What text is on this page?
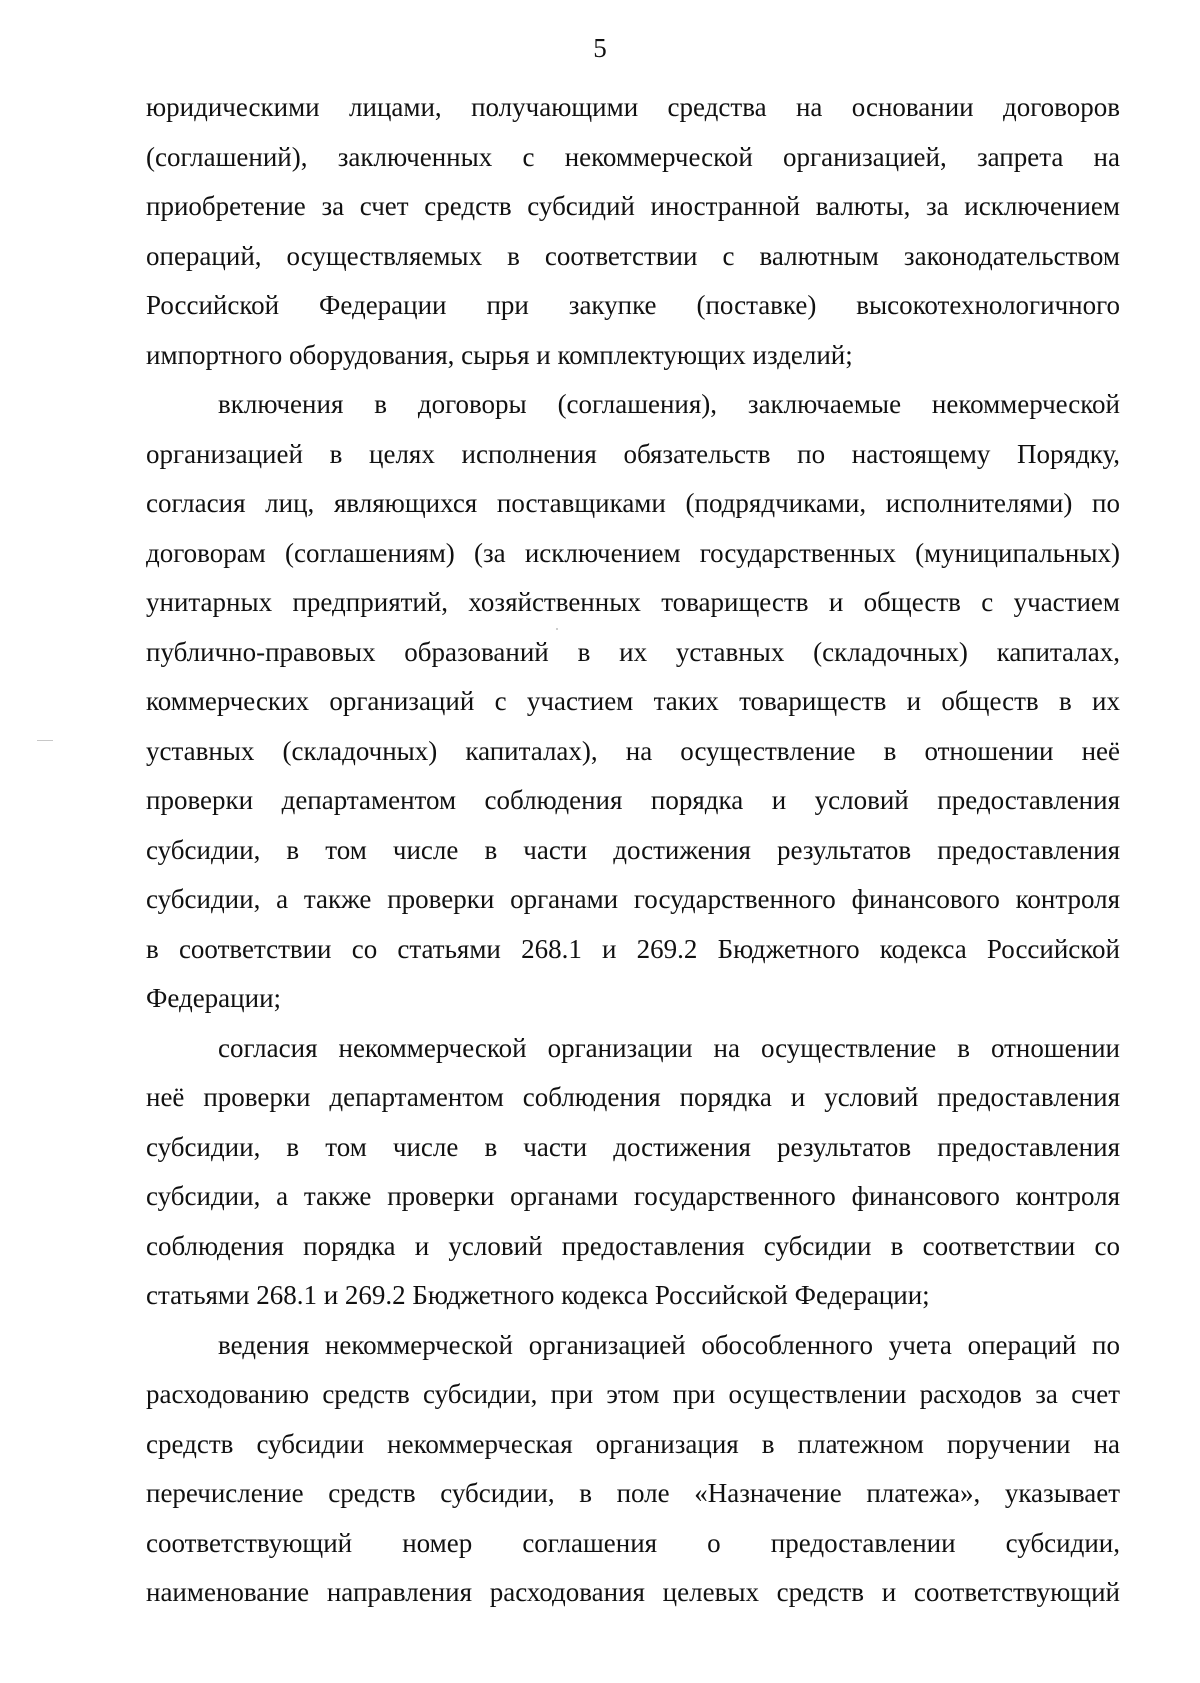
5
юридическими лицами, получающими средства на основании договоров
(соглашений), заключенных с некоммерческой организацией, запрета на
приобретение за счет средств субсидий иностранной валюты, за исключением
операций, осуществляемых в соответствии с валютным законодательством
Российской Федерации при закупке (поставке) высокотехнологичного
импортного оборудования, сырья и комплектующих изделий;
включения в договоры (соглашения), заключаемые некоммерческой
организацией в целях исполнения обязательств по настоящему Порядку,
согласия лиц, являющихся поставщиками (подрядчиками, исполнителями) по
договорам (соглашениям) (за исключением государственных (муниципальных)
унитарных предприятий, хозяйственных товариществ и обществ с участием
публично-правовых образований в их уставных (складочных) капиталах,
коммерческих организаций с участием таких товариществ и обществ в их
уставных (складочных) капиталах), на осуществление в отношении неё
проверки департаментом соблюдения порядка и условий предоставления
субсидии, в том числе в части достижения результатов предоставления
субсидии, а также проверки органами государственного финансового контроля
в соответствии со статьями 268.1 и 269.2 Бюджетного кодекса Российской
Федерации;
согласия некоммерческой организации на осуществление в отношении
неё проверки департаментом соблюдения порядка и условий предоставления
субсидии, в том числе в части достижения результатов предоставления
субсидии, а также проверки органами государственного финансового контроля
соблюдения порядка и условий предоставления субсидии в соответствии со
статьями 268.1 и 269.2 Бюджетного кодекса Российской Федерации;
ведения некоммерческой организацией обособленного учета операций по
расходованию средств субсидии, при этом при осуществлении расходов за счет
средств субсидии некоммерческая организация в платежном поручении на
перечисление средств субсидии, в поле «Назначение платежа», указывает
соответствующий номер соглашения о предоставлении субсидии,
наименование направления расходования целевых средств и соответствующий
